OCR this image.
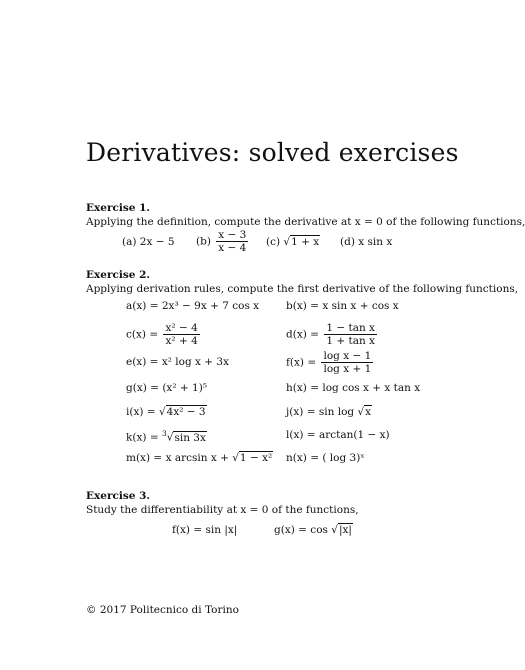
Derivatives: solved exercises
Exercise 1.
Applying the definition, compute the derivative at x = 0 of the following functions,
(a) 2x − 5 $(b) \frac{x - 3}{x - 4} (c) √1 + x$ (d) x sin x
Exercise 2.
Applying derivation rules, compute the first derivative of the following functions,
a(x) = 2x³ − 9x + 7 cos x
$c(x) = \frac{\text{x² − 4}}{\text{x² + 4}}$
e(x) = x² log x + 3x
g(x) = (x² + 1)⁵
i(x) = √4x² − 3
k(x) = $^3$√sin 3x
m(x) = x arcsin x + √1 − x²
b(x) = x sin x + cos x
$d(x) = \frac{\text{1 − tan x}}{\text{1 + tan x}}$
$f(x) = \frac{\text{log x − 1}}{\text{log x + 1}}$
h(x) = log cos x + x tan x
j(x) = sin log √x
l(x) = arctan(1 − x)
n(x) = ( log 3)ˣ
Exercise 3.
Study the differentiability at x = 0 of the functions,
f(x) = sin |x|	g(x) = cos √|x|
© 2017 Politecnico di Torino
